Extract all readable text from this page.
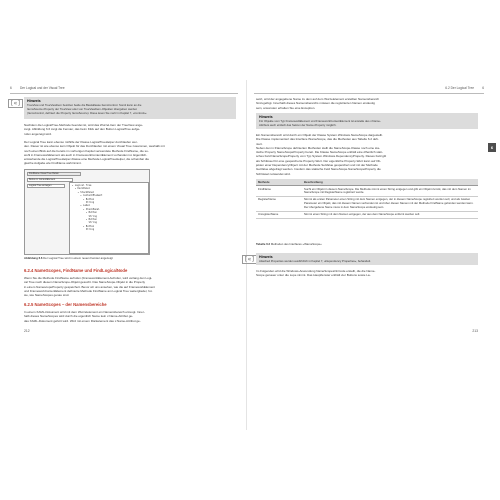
6	Der Logical und der Visual Tree
[«]	Hinweis
TreeView und TreeViewItem besitzen beide die Basisklasse ItemsControl. Somit kann an die
ItemsSource-Property der TreeView oder von TreeViewItem-Objekten übergeben werden
(ItemsControl, definiert die Property ItemsSource). Diese lesen Sie mehr in Kapitel 7, »Controls«.
Nachdem die LogicalTree-Methode beendet ist, wird das Wurzel-Item der TreeView ange-
zeigt. Abbildung 6.6 zeigt die Fenster, das beim Klick auf den Button LogicalTree aufge-
rufen angezeigt wird.
Der Logical Tree kann ebenso mithilfe der Klasse LogicalTreeHelper durchlaufen wer-
den. Dieser ist wie ebenso kein Objekt für das Durchlaufen mit einem Visual Tree zusammen, weshalb mit
noch einen Blick auf die bereits im vorherigen Kapitel verwendete Methode FindName, die so-
wohl in FrameworkElement als auch in FrameworkContentElement vorhanden ist. Eigentlich-
entstehende die LogicalTreeHelper-Klasse eine Methode LogicalTreeHelper, die scheinbar die
gleiche Aufgabe wie FindName wahrnimmt.
FindName Visual Tree Button
Button in ContentElement
Logical Tree anzeigen	▾ Logical Tree
▾ DockPanel
▾ StackPanel
▾ ContentElement
▸ Button
String
▾ Label
▸ StackPanel
▸ Button
String
▸ Button
String
▸ Button
String
Abbildung 6.6 Der Logical Tree wird in einem neuen Fenster angezeigt
6.2.4 NameScopes, FindName und FindLogicalNode
Wenn Sie die Methode FindName aufrufen (FrameworkElement-Aufrufen, wird verlang den Logi-
cal Tree nach diesem NameScope-Objekt gesucht. Das NameScope-Objekt in die Property
in einem NamescopeProperty gespeichert. Bevor wir uns ansehen, wie die auf FrameworkElement
und FrameworkContentElement definierte Methode FindName am Logical Tree weiterglieder, fol-
sie, wie NameScopes genau sind.
6.2.5 NameScopes – der Namensbereiche
In einem XAML-Dokument wird mit dem Wurzelelement ein Namensbereich erzeugt. Inner-
halb dieses NameScopes wird durch die eigentlich Name kein x:Name-Attribut ge-
das XAML-Dokument gehört wird. Wird mit einem Rückelement das x:Name-Attribut ge-
212
6.2 Der Logical Tree	6
6
setzt, wird der angegebene Name zu dem auf dem Wurzelelement erstellten Namensbereich
hinzugefügt. Innerhalb dieses Namensbereichs müssen die registrierten Namen eindeutig
sein, ansonsten erhalten Sie eine Exception.
Hinweis
Für Objekte vom Typ FrameworkElement und FrameworkContentElement ist anstelle des x:Name-
Attributs auch einfach das Setzen der Name-Property möglich.
Ein Namensbereich wird durch ein Objekt der Klasse System.Windows.NameScope dargestellt.
Die Klasse implementiert das Interface INameScope, das die Methoden aus Tabelle 6.2 defi-
niert.
Neben den in INameScope definierten Methoden stellt die NameScope-Klasse noch eine sta-
tische Property NameScopeProperty bereit. Die Klasse NameScope enthält eine öffentlich stati-
sches Feld NameScopeProperty vom Typ System.Windows.DependencyProperty. Dieses Feld gilt
als Schlüssel für eine gespeicherte Property-Wert. Der eigentliche Property-Wert kann auf Ob-
jekten einer DependencyObject mit der Methode SetValue gespeichert und mit der Methode
GetValue abgefragt werden. Insofern das statische Feld NameScope.NameScopeProperty die
Schlüssel notwendet wird.
Methode	Beschreibung
FindName	Sucht ein Objekt in diesem NameScope. Die Methode nimmt einen String entgegen und gibt ein Objekt zurück, das mit dem Namen im NameScope mit RegisterName registriert wurde.
RegisterName	Nimmt als ersten Parameter einen String mit dem Namen entgegen, der in diesem NameScope registriert werden soll, und als zweiten Parameter ein Objekt, das mit diesem Namen verbunden ist und über diesen Namen mit der Methode FindName gefunden werden kann. Der übergebene Name muss in dem NameScope eindeutig sein.
UnregisterName	Nimmt einen String mit dem Namen entgegen, der aus dem NameScope entfernt werden soll.
Tabelle 6.2 Methoden des Interfaces »INameScope«
[«]	Hinweis
Attached Properties werden ausführlich in Kapitel 7, »Dependency Properties«, behandelt.
Im Folgenden wird die Windows-Anwendung NameScopesOnCode erstellt, die die Name-
Scope genauer unter die Lupe nimmt. Das Hauptfenster enthält vier Buttons sowie La-
213
